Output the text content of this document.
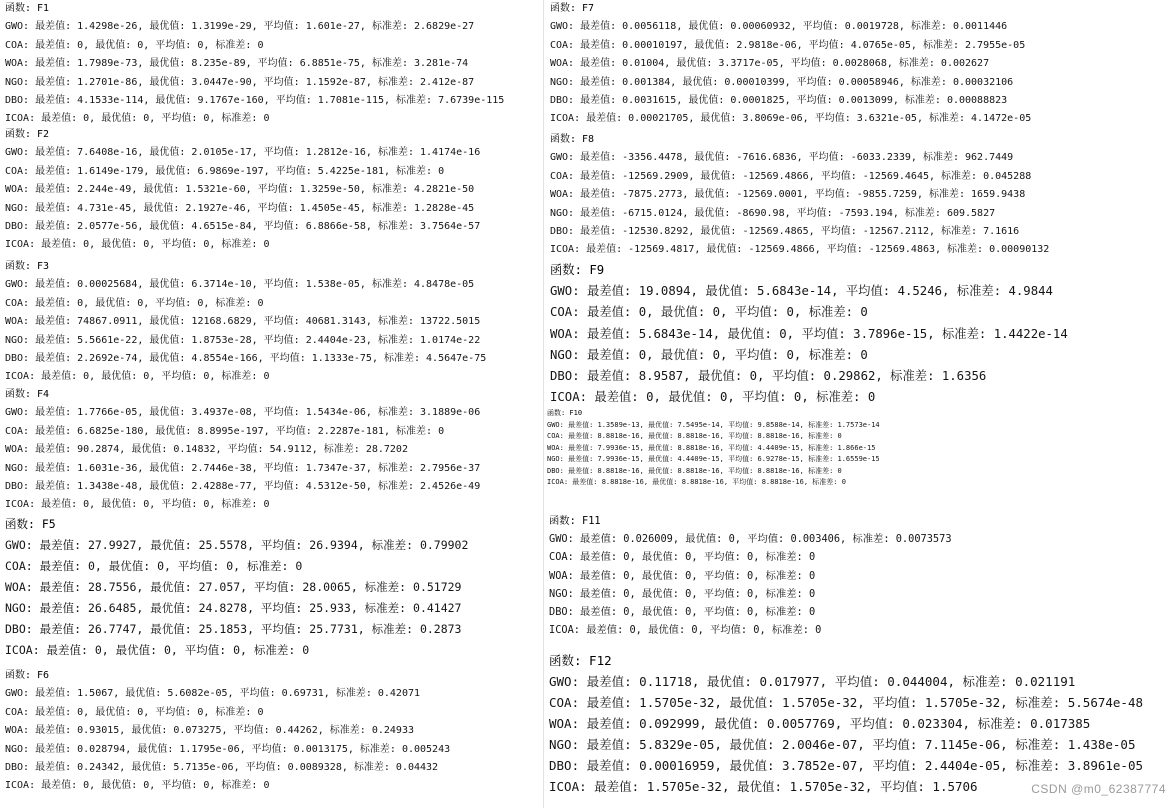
函数: F1
GWO: 最差值: 1.4298e-26, 最优值: 1.3199e-29, 平均值: 1.601e-27, 标准差: 2.6829e-27
COA: 最差值: 0, 最优值: 0, 平均值: 0, 标准差: 0
WOA: 最差值: 1.7989e-73, 最优值: 8.235e-89, 平均值: 6.8851e-75, 标准差: 3.281e-74
NGO: 最差值: 1.2701e-86, 最优值: 3.0447e-90, 平均值: 1.1592e-87, 标准差: 2.412e-87
DBO: 最差值: 4.1533e-114, 最优值: 9.1767e-160, 平均值: 1.7081e-115, 标准差: 7.6739e-115
ICOA: 最差值: 0, 最优值: 0, 平均值: 0, 标准差: 0
函数: F2
GWO: 最差值: 7.6408e-16, 最优值: 2.0105e-17, 平均值: 1.2812e-16, 标准差: 1.4174e-16
COA: 最差值: 1.6149e-179, 最优值: 6.9869e-197, 平均值: 5.4225e-181, 标准差: 0
WOA: 最差值: 2.244e-49, 最优值: 1.5321e-60, 平均值: 1.3259e-50, 标准差: 4.2821e-50
NGO: 最差值: 4.731e-45, 最优值: 2.1927e-46, 平均值: 1.4505e-45, 标准差: 1.2828e-45
DBO: 最差值: 2.0577e-56, 最优值: 4.6515e-84, 平均值: 6.8866e-58, 标准差: 3.7564e-57
ICOA: 最差值: 0, 最优值: 0, 平均值: 0, 标准差: 0
函数: F3
GWO: 最差值: 0.00025684, 最优值: 6.3714e-10, 平均值: 1.538e-05, 标准差: 4.8478e-05
COA: 最差值: 0, 最优值: 0, 平均值: 0, 标准差: 0
WOA: 最差值: 74867.0911, 最优值: 12168.6829, 平均值: 40681.3143, 标准差: 13722.5015
NGO: 最差值: 5.5661e-22, 最优值: 1.8753e-28, 平均值: 2.4404e-23, 标准差: 1.0174e-22
DBO: 最差值: 2.2692e-74, 最优值: 4.8554e-166, 平均值: 1.1333e-75, 标准差: 4.5647e-75
ICOA: 最差值: 0, 最优值: 0, 平均值: 0, 标准差: 0
函数: F4
GWO: 最差值: 1.7766e-05, 最优值: 3.4937e-08, 平均值: 1.5434e-06, 标准差: 3.1889e-06
COA: 最差值: 6.6825e-180, 最优值: 8.8995e-197, 平均值: 2.2287e-181, 标准差: 0
WOA: 最差值: 90.2874, 最优值: 0.14832, 平均值: 54.9112, 标准差: 28.7202
NGO: 最差值: 1.6031e-36, 最优值: 2.7446e-38, 平均值: 1.7347e-37, 标准差: 2.7956e-37
DBO: 最差值: 1.3438e-48, 最优值: 2.4288e-77, 平均值: 4.5312e-50, 标准差: 2.4526e-49
ICOA: 最差值: 0, 最优值: 0, 平均值: 0, 标准差: 0
函数: F5
GWO: 最差值: 27.9927, 最优值: 25.5578, 平均值: 26.9394, 标准差: 0.79902
COA: 最差值: 0, 最优值: 0, 平均值: 0, 标准差: 0
WOA: 最差值: 28.7556, 最优值: 27.057, 平均值: 28.0065, 标准差: 0.51729
NGO: 最差值: 26.6485, 最优值: 24.8278, 平均值: 25.933, 标准差: 0.41427
DBO: 最差值: 26.7747, 最优值: 25.1853, 平均值: 25.7731, 标准差: 0.2873
ICOA: 最差值: 0, 最优值: 0, 平均值: 0, 标准差: 0
函数: F6
GWO: 最差值: 1.5067, 最优值: 5.6082e-05, 平均值: 0.69731, 标准差: 0.42071
COA: 最差值: 0, 最优值: 0, 平均值: 0, 标准差: 0
WOA: 最差值: 0.93015, 最优值: 0.073275, 平均值: 0.44262, 标准差: 0.24933
NGO: 最差值: 0.028794, 最优值: 1.1795e-06, 平均值: 0.0013175, 标准差: 0.005243
DBO: 最差值: 0.24342, 最优值: 5.7135e-06, 平均值: 0.0089328, 标准差: 0.04432
ICOA: 最差值: 0, 最优值: 0, 平均值: 0, 标准差: 0
函数: F7
GWO: 最差值: 0.0056118, 最优值: 0.00060932, 平均值: 0.0019728, 标准差: 0.0011446
COA: 最差值: 0.00010197, 最优值: 2.9818e-06, 平均值: 4.0765e-05, 标准差: 2.7955e-05
WOA: 最差值: 0.01004, 最优值: 3.3717e-05, 平均值: 0.0028068, 标准差: 0.002627
NGO: 最差值: 0.001384, 最优值: 0.00010399, 平均值: 0.00058946, 标准差: 0.00032106
DBO: 最差值: 0.0031615, 最优值: 0.0001825, 平均值: 0.0013099, 标准差: 0.00088823
ICOA: 最差值: 0.00021705, 最优值: 3.8069e-06, 平均值: 3.6321e-05, 标准差: 4.1472e-05
函数: F8
GWO: 最差值: -3356.4478, 最优值: -7616.6836, 平均值: -6033.2339, 标准差: 962.7449
COA: 最差值: -12569.2909, 最优值: -12569.4866, 平均值: -12569.4645, 标准差: 0.045288
WOA: 最差值: -7875.2773, 最优值: -12569.0001, 平均值: -9855.7259, 标准差: 1659.9438
NGO: 最差值: -6715.0124, 最优值: -8690.98, 平均值: -7593.194, 标准差: 609.5827
DBO: 最差值: -12530.8292, 最优值: -12569.4865, 平均值: -12567.2112, 标准差: 7.1616
ICOA: 最差值: -12569.4817, 最优值: -12569.4866, 平均值: -12569.4863, 标准差: 0.00090132
函数: F9
GWO: 最差值: 19.0894, 最优值: 5.6843e-14, 平均值: 4.5246, 标准差: 4.9844
COA: 最差值: 0, 最优值: 0, 平均值: 0, 标准差: 0
WOA: 最差值: 5.6843e-14, 最优值: 0, 平均值: 3.7896e-15, 标准差: 1.4422e-14
NGO: 最差值: 0, 最优值: 0, 平均值: 0, 标准差: 0
DBO: 最差值: 8.9587, 最优值: 0, 平均值: 0.29862, 标准差: 1.6356
ICOA: 最差值: 0, 最优值: 0, 平均值: 0, 标准差: 0
函数: F10
GWO: 最差值: 1.3589e-13, 最优值: 7.5495e-14, 平均值: 9.8588e-14, 标准差: 1.7573e-14
COA: 最差值: 8.8818e-16, 最优值: 8.8818e-16, 平均值: 8.8818e-16, 标准差: 0
WOA: 最差值: 7.9936e-15, 最优值: 8.8818e-16, 平均值: 4.4409e-15, 标准差: 1.866e-15
NGO: 最差值: 7.9936e-15, 最优值: 4.4409e-15, 平均值: 6.9278e-15, 标准差: 1.6559e-15
DBO: 最差值: 8.8818e-16, 最优值: 8.8818e-16, 平均值: 8.8818e-16, 标准差: 0
ICOA: 最差值: 8.8818e-16, 最优值: 8.8818e-16, 平均值: 8.8818e-16, 标准差: 0
函数: F11
GWO: 最差值: 0.026009, 最优值: 0, 平均值: 0.003406, 标准差: 0.0073573
COA: 最差值: 0, 最优值: 0, 平均值: 0, 标准差: 0
WOA: 最差值: 0, 最优值: 0, 平均值: 0, 标准差: 0
NGO: 最差值: 0, 最优值: 0, 平均值: 0, 标准差: 0
DBO: 最差值: 0, 最优值: 0, 平均值: 0, 标准差: 0
ICOA: 最差值: 0, 最优值: 0, 平均值: 0, 标准差: 0
函数: F12
GWO: 最差值: 0.11718, 最优值: 0.017977, 平均值: 0.044004, 标准差: 0.021191
COA: 最差值: 1.5705e-32, 最优值: 1.5705e-32, 平均值: 1.5705e-32, 标准差: 5.5674e-48
WOA: 最差值: 0.092999, 最优值: 0.0057769, 平均值: 0.023304, 标准差: 0.017385
NGO: 最差值: 5.8329e-05, 最优值: 2.0046e-07, 平均值: 7.1145e-06, 标准差: 1.438e-05
DBO: 最差值: 0.00016959, 最优值: 3.7852e-07, 平均值: 2.4404e-05, 标准差: 3.8961e-05
ICOA: 最差值: 1.5705e-32, 最优值: 1.5705e-32, 平均值: 1.5706	CSDN @m0_62387774
